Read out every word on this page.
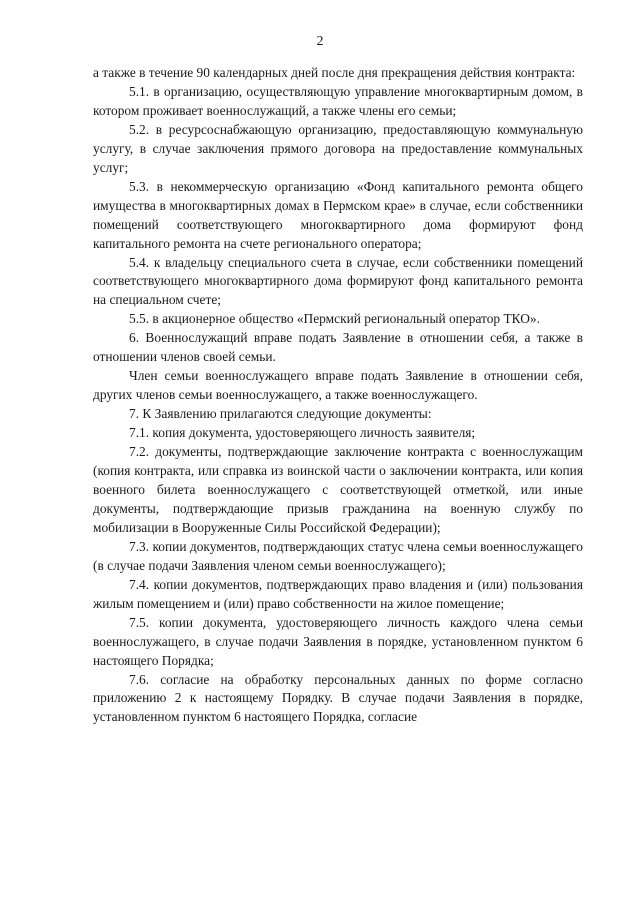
2

а также в течение 90 календарных дней после дня прекращения действия контракта:

5.1. в организацию, осуществляющую управление многоквартирным домом, в котором проживает военнослужащий, а также члены его семьи;

5.2. в ресурсоснабжающую организацию, предоставляющую коммунальную услугу, в случае заключения прямого договора на предоставление коммунальных услуг;

5.3. в некоммерческую организацию «Фонд капитального ремонта общего имущества в многоквартирных домах в Пермском крае» в случае, если собственники помещений соответствующего многоквартирного дома формируют фонд капитального ремонта на счете регионального оператора;

5.4. к владельцу специального счета в случае, если собственники помещений соответствующего многоквартирного дома формируют фонд капитального ремонта на специальном счете;

5.5. в акционерное общество «Пермский региональный оператор ТКО».

6. Военнослужащий вправе подать Заявление в отношении себя, а также в отношении членов своей семьи.

Член семьи военнослужащего вправе подать Заявление в отношении себя, других членов семьи военнослужащего, а также военнослужащего.

7. К Заявлению прилагаются следующие документы:

7.1. копия документа, удостоверяющего личность заявителя;

7.2. документы, подтверждающие заключение контракта с военнослужащим (копия контракта, или справка из воинской части о заключении контракта, или копия военного билета военнослужащего с соответствующей отметкой, или иные документы, подтверждающие призыв гражданина на военную службу по мобилизации в Вооруженные Силы Российской Федерации);

7.3. копии документов, подтверждающих статус члена семьи военнослужащего (в случае подачи Заявления членом семьи военнослужащего);

7.4. копии документов, подтверждающих право владения и (или) пользования жилым помещением и (или) право собственности на жилое помещение;

7.5. копии документа, удостоверяющего личность каждого члена семьи военнослужащего, в случае подачи Заявления в порядке, установленном пунктом 6 настоящего Порядка;

7.6. согласие на обработку персональных данных по форме согласно приложению 2 к настоящему Порядку. В случае подачи Заявления в порядке, установленном пунктом 6 настоящего Порядка, согласие
